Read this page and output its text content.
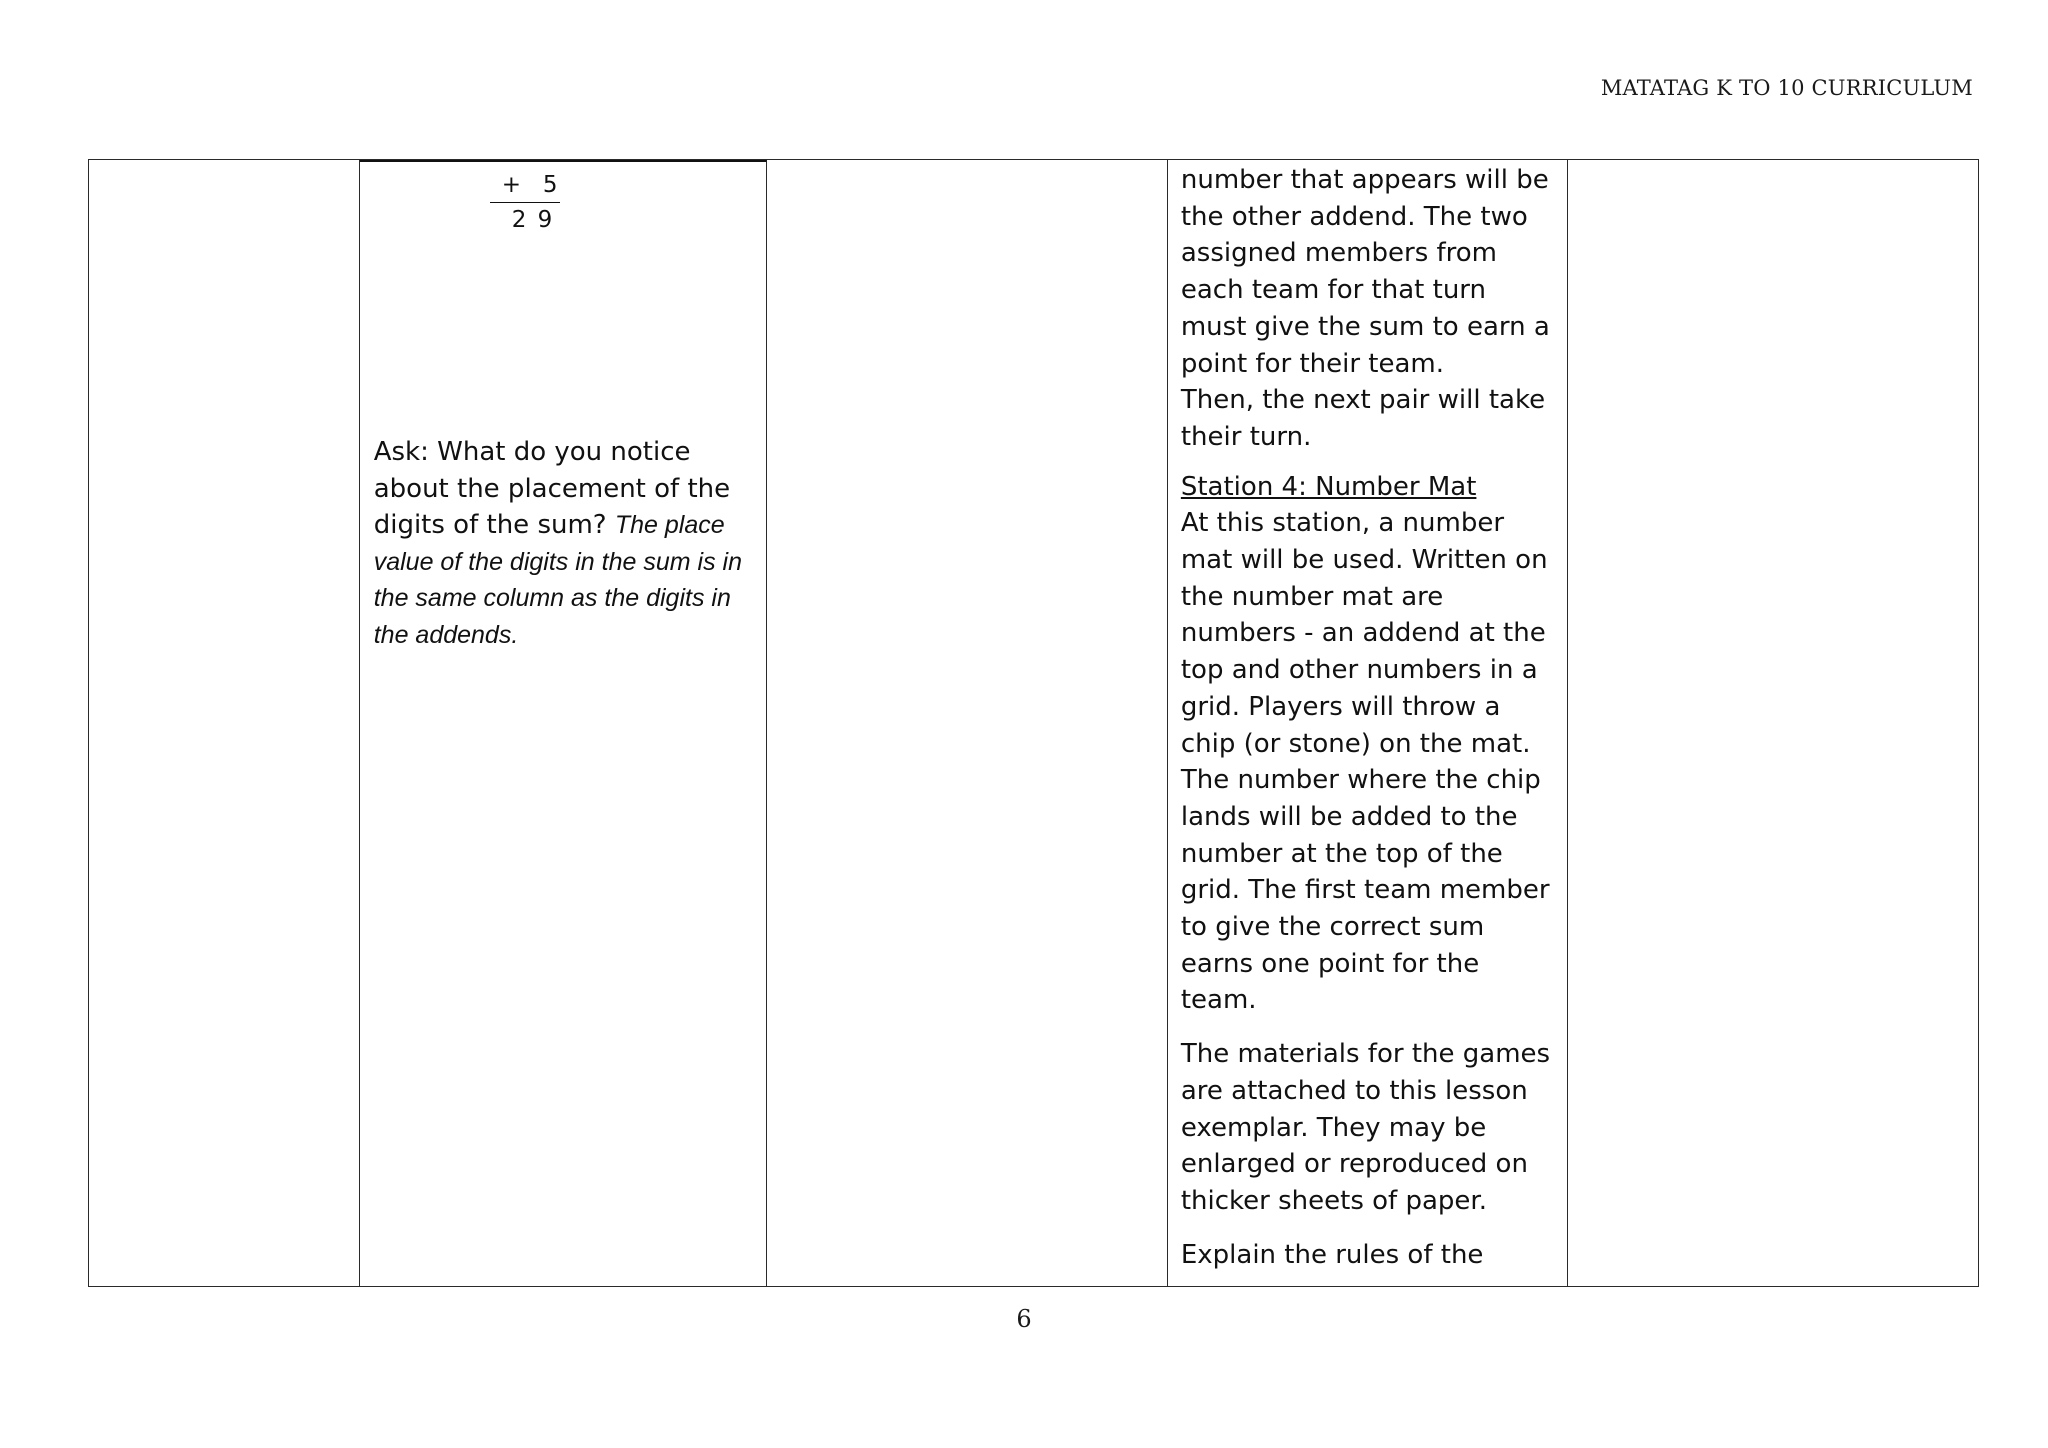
MATATAG K TO 10 CURRICULUM
+   5
2 9
Ask: What do you notice about the placement of the digits of the sum? The place value of the digits in the sum is in the same column as the digits in the addends.

number that appears will be the other addend. The two assigned members from each team for that turn must give the sum to earn a point for their team.

Then, the next pair will take their turn.

Station 4: Number Mat
At this station, a number mat will be used. Written on the number mat are numbers - an addend at the top and other numbers in a grid. Players will throw a chip (or stone) on the mat. The number where the chip lands will be added to the number at the top of the grid. The first team member to give the correct sum earns one point for the team.

The materials for the games are attached to this lesson exemplar. They may be enlarged or reproduced on thicker sheets of paper.

Explain the rules of the

6
